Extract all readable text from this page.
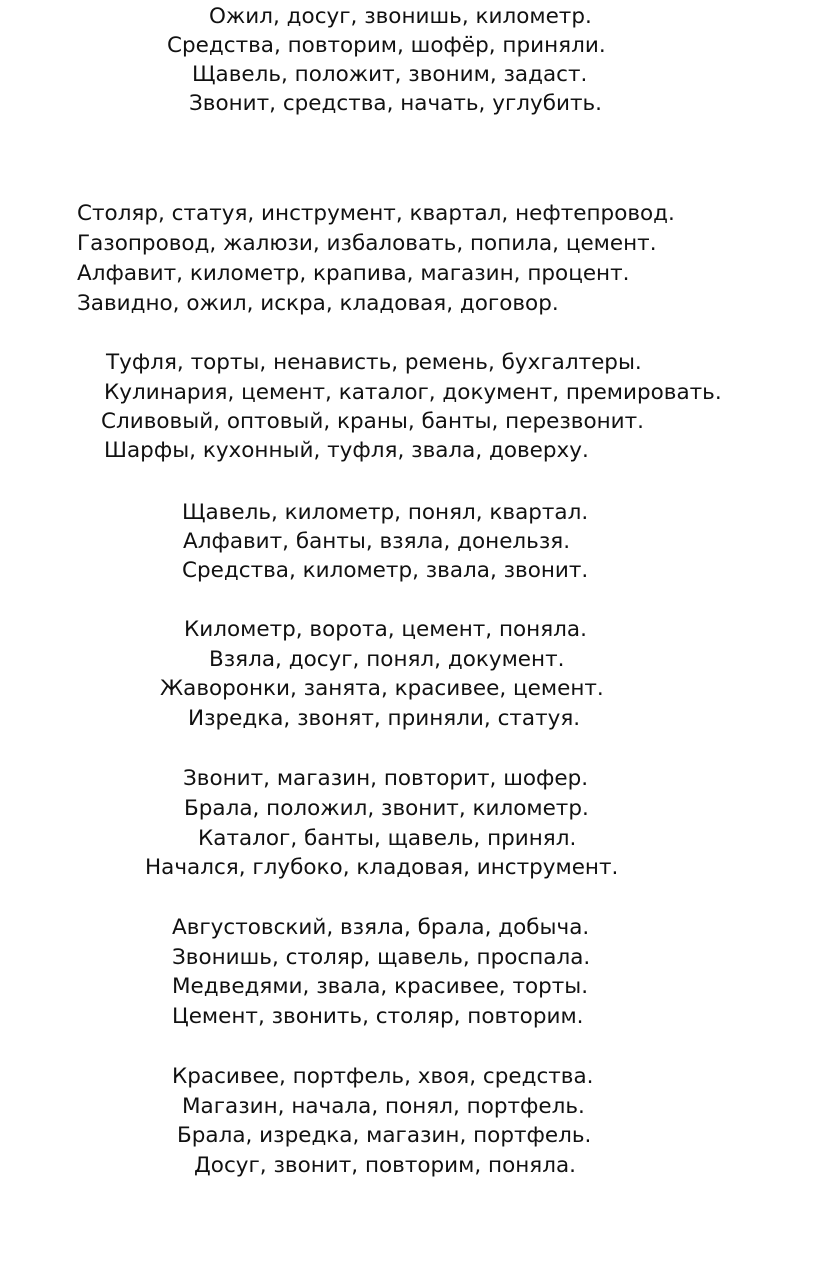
Ожил, досуг, звонишь, километр.
Средства, повторим, шофёр, приняли.
Щавель, положит, звоним, задаст.
Звонит, средства, начать, углубить.
Столяр, статуя, инструмент, квартал, нефтепровод.
Газопровод, жалюзи, избаловать, попила, цемент.
Алфавит, километр, крапива, магазин, процент.
Завидно, ожил, искра, кладовая, договор.
Туфля, торты, ненависть, ремень, бухгалтеры.
Кулинария, цемент, каталог, документ, премировать.
Сливовый, оптовый, краны, банты, перезвонит.
Шарфы, кухонный, туфля, звала, доверху.
Щавель, километр, понял, квартал.
Алфавит, банты, взяла, донельзя.
Средства, километр, звала, звонит.
Километр, ворота, цемент, поняла.
Взяла, досуг, понял, документ.
Жаворонки, занята, красивее, цемент.
Изредка, звонят, приняли, статуя.
Звонит, магазин, повторит, шофер.
Брала, положил, звонит, километр.
Каталог, банты, щавель, принял.
Начался, глубоко, кладовая, инструмент.
Августовский, взяла, брала, добыча.
Звонишь, столяр, щавель, проспала.
Медведями, звала, красивее, торты.
Цемент, звонить, столяр, повторим.
Красивее, портфель, хвоя, средства.
Магазин, начала, понял, портфель.
Брала, изредка, магазин, портфель.
Досуг, звонит, повторим, поняла.
